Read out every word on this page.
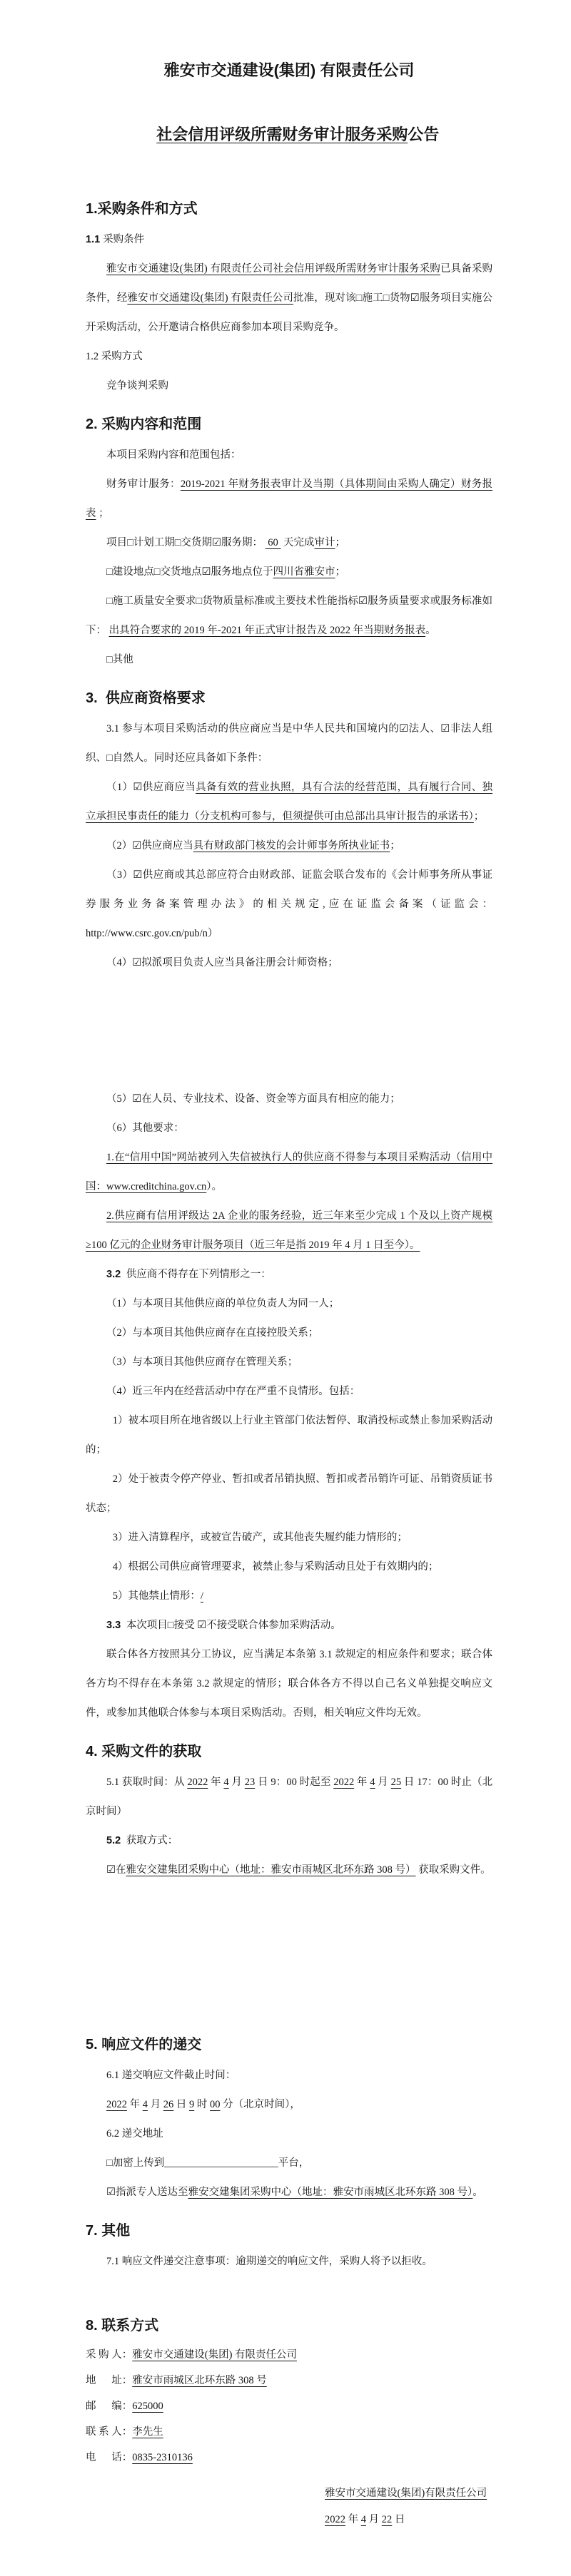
雅安市交通建设(集团) 有限责任公司

社会信用评级所需财务审计服务采购公告

1.采购条件和方式
1.1 采购条件
雅安市交通建设(集团) 有限责任公司社会信用评级所需财务审计服务采购已具备采购条件，经雅安市交通建设(集团) 有限责任公司批准，现对该□施工□货物☑服务项目实施公开采购活动，公开邀请合格供应商参加本项目采购竞争。
1.2 采购方式
竞争谈判采购
2. 采购内容和范围
本项目采购内容和范围包括：
财务审计服务：2019-2021 年财务报表审计及当期（具体期间由采购人确定）财务报表 ；
项目□计划工期□交货期☑服务期：  60  天完成审计；
□建设地点□交货地点☑服务地点位于四川省雅安市；
□施工质量安全要求□货物质量标准或主要技术性能指标☑服务质量要求或服务标准如下： 出具符合要求的 2019 年-2021 年正式审计报告及 2022 年当期财务报表。
□其他
3.  供应商资格要求
3.1 参与本项目采购活动的供应商应当是中华人民共和国境内的☑法人、☑非法人组织、□自然人。同时还应具备如下条件：
（1）☑供应商应当具备有效的营业执照，具有合法的经营范围，具有履行合同、独立承担民事责任的能力（分支机构可参与，但须提供可由总部出具审计报告的承诺书）；
（2）☑供应商应当具有财政部门核发的会计师事务所执业证书；
（3）☑供应商或其总部应符合由财政部、证监会联合发布的《会计师事务所从事证券服务业务备案管理办法》的相关规定,应在证监会备案（证监会：http://www.csrc.gov.cn/pub/n）
（4）☑拟派项目负责人应当具备注册会计师资格；
（5）☑在人员、专业技术、设备、资金等方面具有相应的能力；
（6）其他要求：
1.在“信用中国”网站被列入失信被执行人的供应商不得参与本项目采购活动（信用中国：www.creditchina.gov.cn）。
2.供应商有信用评级达 2A 企业的服务经验，近三年来至少完成 1 个及以上资产规模≥100 亿元的企业财务审计服务项目（近三年是指 2019 年 4 月 1 日至今）。
3.2  供应商不得存在下列情形之一：
（1）与本项目其他供应商的单位负责人为同一人；
（2）与本项目其他供应商存在直接控股关系；
（3）与本项目其他供应商存在管理关系；
（4）近三年内在经营活动中存在严重不良情形。包括：
1）被本项目所在地省级以上行业主管部门依法暂停、取消投标或禁止参加采购活动的；
2）处于被责令停产停业、暂扣或者吊销执照、暂扣或者吊销许可证、吊销资质证书状态；
3）进入清算程序，或被宣告破产，或其他丧失履约能力情形的；
4）根据公司供应商管理要求，被禁止参与采购活动且处于有效期内的；
5）其他禁止情形：/
3.3  本次项目□接受 ☑不接受联合体参加采购活动。
联合体各方按照其分工协议，应当满足本条第 3.1 款规定的相应条件和要求；联合体各方均不得存在本条第 3.2 款规定的情形；联合体各方不得以自己名义单独提交响应文件，或参加其他联合体参与本项目采购活动。否则，相关响应文件均无效。
4. 采购文件的获取
5.1 获取时间：从 2022 年 4 月 23 日 9：00 时起至 2022 年 4 月 25 日 17：00 时止（北京时间）
5.2  获取方式：
☑在雅安交建集团采购中心（地址：雅安市雨城区北环东路 308 号） 获取采购文件。
5. 响应文件的递交
6.1 递交响应文件截止时间：
2022 年 4 月 26 日 9 时 00 分（北京时间），
6.2 递交地址
□加密上传到______________________平台，
☑指派专人送达至雅安交建集团采购中心（地址：雅安市雨城区北环东路 308 号）。
7. 其他
7.1 响应文件递交注意事项：逾期递交的响应文件，采购人将予以拒收。
8. 联系方式
采 购 人：雅安市交通建设(集团) 有限责任公司
地      址：雅安市雨城区北环东路 308 号
邮      编：625000
联 系 人：李先生
电      话：0835-2310136
雅安市交通建设(集团)有限责任公司
2022 年 4 月 22 日
